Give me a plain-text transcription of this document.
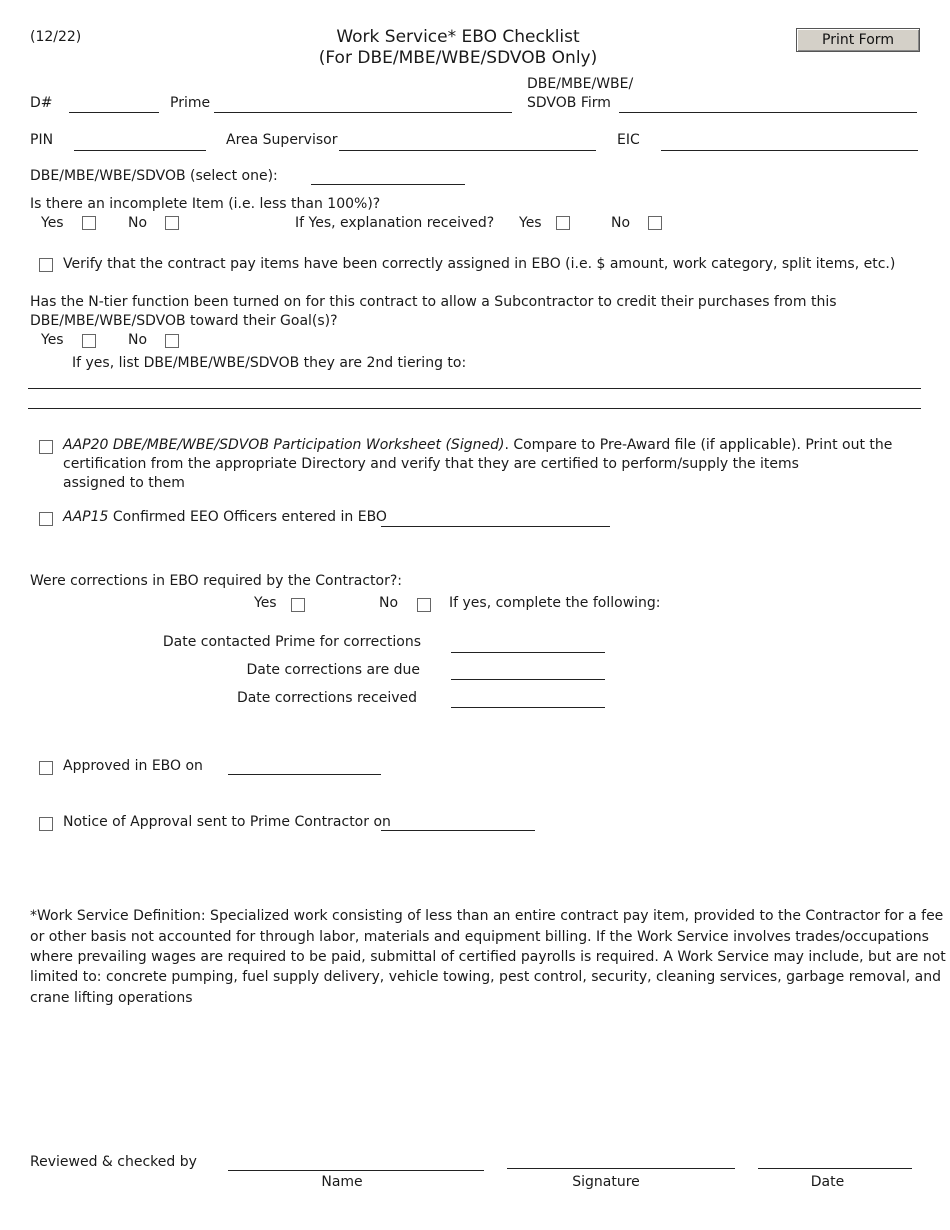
(12/22)	Work Service* EBO Checklist
(For DBE/MBE/WBE/SDVOB Only)
Print Form
D#	Prime
DBE/MBE/WBE/
SDVOB Firm
PIN	Area Supervisor	EIC
DBE/MBE/WBE/SDVOB (select one):
Is there an incomplete Item (i.e. less than 100%)?
Yes	No	If Yes, explanation received? Yes	No
Verify that the contract pay items have been correctly assigned in EBO (i.e. $ amount, work category, split items, etc.)
Has the N-tier function been turned on for this contract to allow a Subcontractor to credit their purchases from this
DBE/MBE/WBE/SDVOB toward their Goal(s)?
Yes	No
If yes, list DBE/MBE/WBE/SDVOB they are 2nd tiering to:
AAP20 DBE/MBE/WBE/SDVOB Participation Worksheet (Signed). Compare to Pre-Award file (if applicable). Print out the
certification from the appropriate Directory and verify that they are certified to perform/supply the items
assigned to them
AAP15 Confirmed EEO Officers entered in EBO
Were corrections in EBO required by the Contractor?:
Yes	No	If yes, complete the following:
Date contacted Prime for corrections
Date corrections are due
Date corrections received
Approved in EBO on
Notice of Approval sent to Prime Contractor on
*Work Service Definition: Specialized work consisting of less than an entire contract pay item, provided to the Contractor for a fee
or other basis not accounted for through labor, materials and equipment billing. If the Work Service involves trades/occupations
where prevailing wages are required to be paid, submittal of certified payrolls is required. A Work Service may include, but are not
limited to: concrete pumping, fuel supply delivery, vehicle towing, pest control, security, cleaning services, garbage removal, and
crane lifting operations
Reviewed & checked by
Name	Signature	Date
